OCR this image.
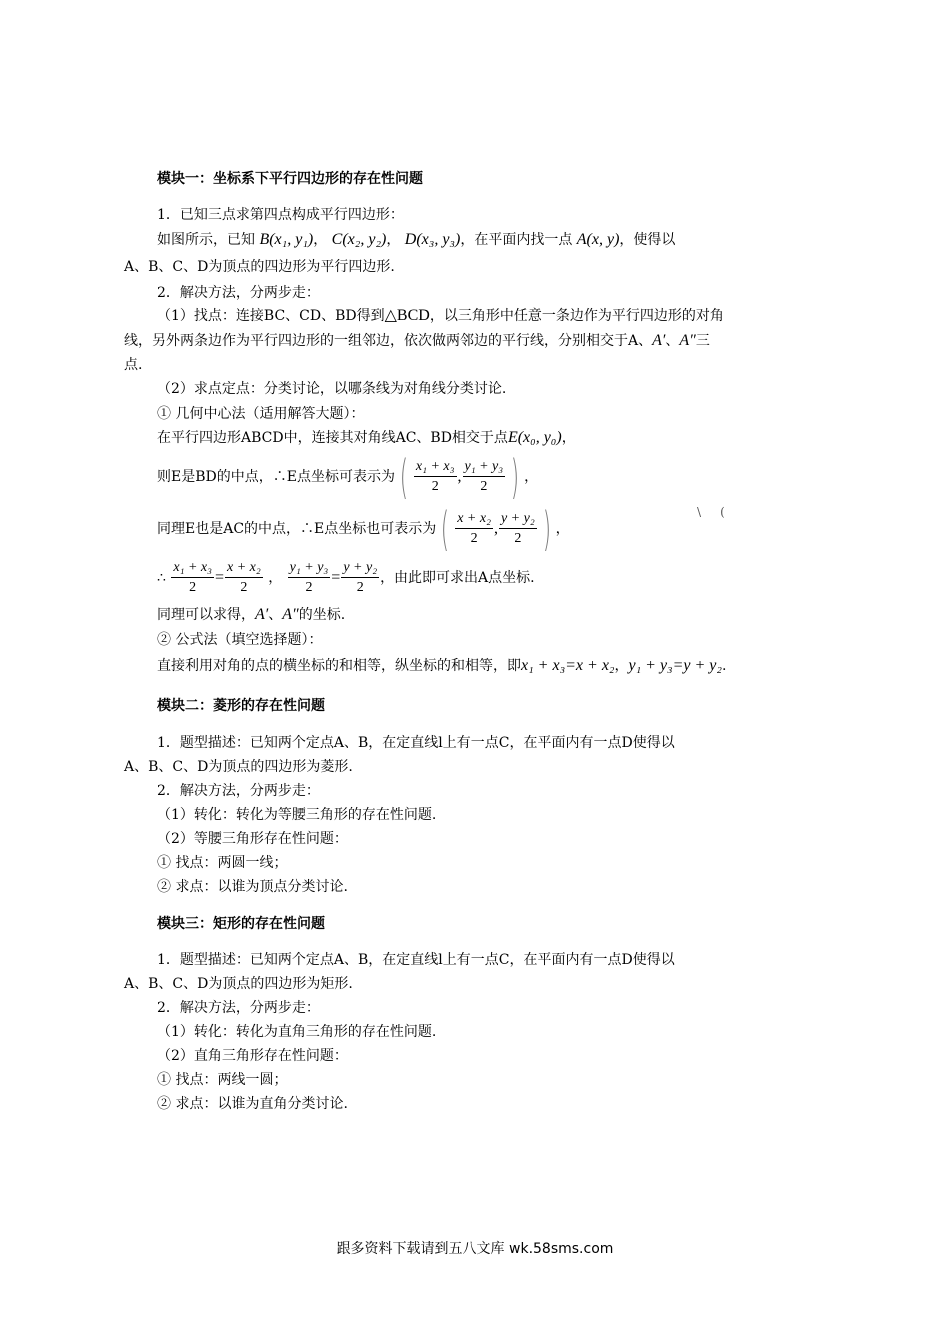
模块一：坐标系下平行四边形的存在性问题
1．已知三点求第四点构成平行四边形：
如图所示，已知 B(x₁, y₁)， C(x₂, y₂)， D(x₃, y₃)，在平面内找一点 A(x, y)，使得以
A、B、C、D为顶点的四边形为平行四边形.
2．解决方法，分两步走：
（1）找点：连接BC、CD、BD得到△BCD，以三角形中任意一条边作为平行四边形的对角
线，另外两条边作为平行四边形的一组邻边，依次做两邻边的平行线，分别相交于A、A′、A″三
点.
（2）求点定点：分类讨论，以哪条线为对角线分类讨论.
① 几何中心法（适用解答大题）：
在平行四边形ABCD中，连接其对角线AC、BD相交于点E(x₀, y₀)，
则E是BD的中点，∴E点坐标可表示为 ( $\frac{\text{x₁ + x₃}}{2}$ , $\frac{\text{y₁ + y₃}}{2}$ ) ，
同理E也是AC的中点，∴E点坐标也可表示为 ( $\frac{\text{x + x₂}}{2}$ , $\frac{\text{y + y₂}}{2}$ ) ，
\     (
∴ $\frac{\text{x₁ + x₃}}{2} = \frac{\text{x + x₂}}{2}$ ， $\frac{\text{y₁ + y₃}}{2} = \frac{\text{y + y₂}}{2}$ ，由此即可求出A点坐标.
同理可以求得，A′、A″的坐标.
② 公式法（填空选择题）：
直接利用对角的点的横坐标的和相等，纵坐标的和相等，即x₁ + x₃=x + x₂，y₁ + y₃=y + y₂.
模块二：菱形的存在性问题
1．题型描述：已知两个定点A、B，在定直线l上有一点C，在平面内有一点D使得以
A、B、C、D为顶点的四边形为菱形.
2．解决方法，分两步走：
（1）转化：转化为等腰三角形的存在性问题.
（2）等腰三角形存在性问题：
① 找点：两圆一线；
② 求点：以谁为顶点分类讨论.
模块三：矩形的存在性问题
1．题型描述：已知两个定点A、B，在定直线l上有一点C，在平面内有一点D使得以
A、B、C、D为顶点的四边形为矩形.
2．解决方法，分两步走：
（1）转化：转化为直角三角形的存在性问题.
（2）直角三角形存在性问题：
① 找点：两线一圆；
② 求点：以谁为直角分类讨论.
跟多资料下载请到五八文库 wk.58sms.com
